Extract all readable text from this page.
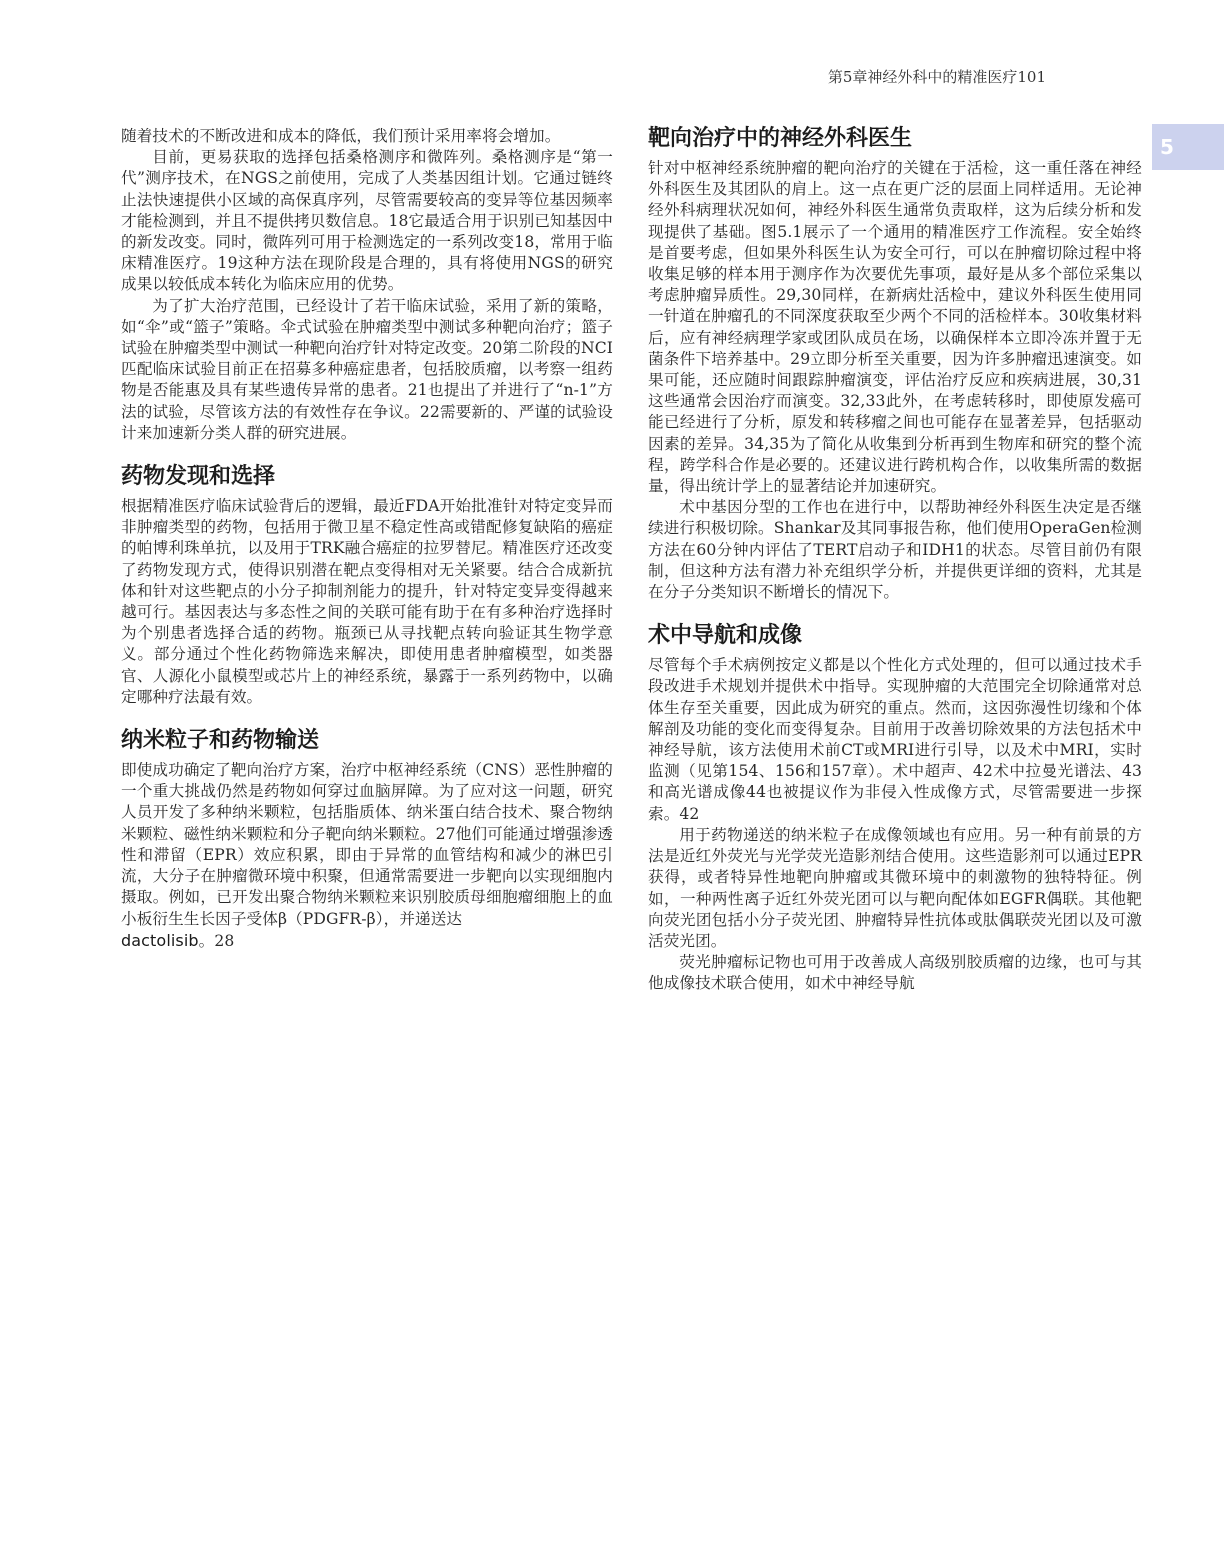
第5章神经外科中的精准医疗101
5

随着技术的不断改进和成本的降低，我们预计采用率将会增加。

目前，更易获取的选择包括桑格测序和微阵列。桑格测序是“第一代”测序技术，在NGS之前使用，完成了人类基因组计划。它通过链终止法快速提供小区域的高保真序列，尽管需要较高的变异等位基因频率才能检测到，并且不提供拷贝数信息。18它最适合用于识别已知基因中的新发改变。同时，微阵列可用于检测选定的一系列改变18，常用于临床精准医疗。19这种方法在现阶段是合理的，具有将使用NGS的研究成果以较低成本转化为临床应用的优势。

为了扩大治疗范围，已经设计了若干临床试验，采用了新的策略，如“伞”或“篮子”策略。伞式试验在肿瘤类型中测试多种靶向治疗；篮子试验在肿瘤类型中测试一种靶向治疗针对特定改变。20第二阶段的NCI匹配临床试验目前正在招募多种癌症患者，包括胶质瘤，以考察一组药物是否能惠及具有某些遗传异常的患者。21也提出了并进行了“n-1”方法的试验，尽管该方法的有效性存在争议。22需要新的、严谨的试验设计来加速新分类人群的研究进展。

药物发现和选择

根据精准医疗临床试验背后的逻辑，最近FDA开始批准针对特定变异而非肿瘤类型的药物，包括用于微卫星不稳定性高或错配修复缺陷的癌症的帕博利珠单抗，以及用于TRK融合癌症的拉罗替尼。精准医疗还改变了药物发现方式，使得识别潜在靶点变得相对无关紧要。结合合成新抗体和针对这些靶点的小分子抑制剂能力的提升，针对特定变异变得越来越可行。基因表达与多态性之间的关联可能有助于在有多种治疗选择时为个别患者选择合适的药物。瓶颈已从寻找靶点转向验证其生物学意义。部分通过个性化药物筛选来解决，即使用患者肿瘤模型，如类器官、人源化小鼠模型或芯片上的神经系统，暴露于一系列药物中，以确定哪种疗法最有效。

纳米粒子和药物输送

即使成功确定了靶向治疗方案，治疗中枢神经系统（CNS）恶性肿瘤的一个重大挑战仍然是药物如何穿过血脑屏障。为了应对这一问题，研究人员开发了多种纳米颗粒，包括脂质体、纳米蛋白结合技术、聚合物纳米颗粒、磁性纳米颗粒和分子靶向纳米颗粒。27他们可能通过增强渗透性和滞留（EPR）效应积累，即由于异常的血管结构和减少的淋巴引流，大分子在肿瘤微环境中积聚，但通常需要进一步靶向以实现细胞内摄取。例如，已开发出聚合物纳米颗粒来识别胶质母细胞瘤细胞上的血小板衍生生长因子受体β（PDGFR-β），并递送达
dactolisib。28

靶向治疗中的神经外科医生

针对中枢神经系统肿瘤的靶向治疗的关键在于活检，这一重任落在神经外科医生及其团队的肩上。这一点在更广泛的层面上同样适用。无论神经外科病理状况如何，神经外科医生通常负责取样，这为后续分析和发现提供了基础。图5.1展示了一个通用的精准医疗工作流程。安全始终是首要考虑，但如果外科医生认为安全可行，可以在肿瘤切除过程中将收集足够的样本用于测序作为次要优先事项，最好是从多个部位采集以考虑肿瘤异质性。29,30同样，在新病灶活检中，建议外科医生使用同一针道在肿瘤孔的不同深度获取至少两个不同的活检样本。30收集材料后，应有神经病理学家或团队成员在场，以确保样本立即冷冻并置于无菌条件下培养基中。29立即分析至关重要，因为许多肿瘤迅速演变。如果可能，还应随时间跟踪肿瘤演变，评估治疗反应和疾病进展，30,31这些通常会因治疗而演变。32,33此外，在考虑转移时，即使原发癌可能已经进行了分析，原发和转移瘤之间也可能存在显著差异，包括驱动因素的差异。34,35为了简化从收集到分析再到生物库和研究的整个流程，跨学科合作是必要的。还建议进行跨机构合作，以收集所需的数据量，得出统计学上的显著结论并加速研究。

术中基因分型的工作也在进行中，以帮助神经外科医生决定是否继续进行积极切除。Shankar及其同事报告称，他们使用OperaGen检测方法在60分钟内评估了TERT启动子和IDH1的状态。尽管目前仍有限制，但这种方法有潜力补充组织学分析，并提供更详细的资料，尤其是在分子分类知识不断增长的情况下。

术中导航和成像

尽管每个手术病例按定义都是以个性化方式处理的，但可以通过技术手段改进手术规划并提供术中指导。实现肿瘤的大范围完全切除通常对总体生存至关重要，因此成为研究的重点。然而，这因弥漫性切缘和个体解剖及功能的变化而变得复杂。目前用于改善切除效果的方法包括术中神经导航，该方法使用术前CT或MRI进行引导，以及术中MRI，实时监测（见第154、156和157章）。术中超声、42术中拉曼光谱法、43和高光谱成像44也被提议作为非侵入性成像方式，尽管需要进一步探索。42

用于药物递送的纳米粒子在成像领域也有应用。另一种有前景的方法是近红外荧光与光学荧光造影剂结合使用。这些造影剂可以通过EPR获得，或者特异性地靶向肿瘤或其微环境中的刺激物的独特特征。例如，一种两性离子近红外荧光团可以与靶向配体如EGFR偶联。其他靶向荧光团包括小分子荧光团、肿瘤特异性抗体或肽偶联荧光团以及可激活荧光团。

荧光肿瘤标记物也可用于改善成人高级别胶质瘤的边缘，也可与其他成像技术联合使用，如术中神经导航
